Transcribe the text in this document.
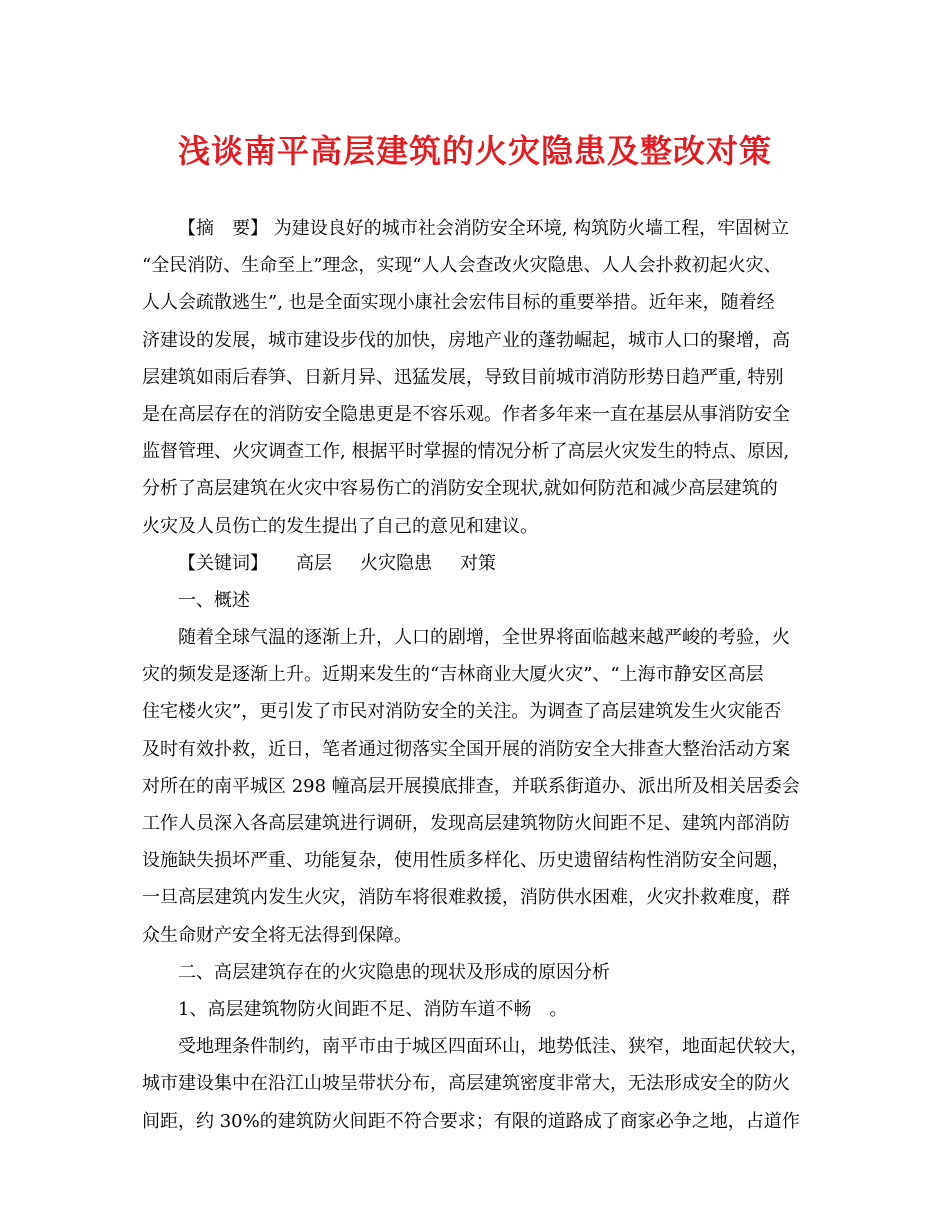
浅谈南平高层建筑的火灾隐患及整改对策
【摘　要】 为建设良好的城市社会消防安全环境, 构筑防火墙工程，牢固树立
“全民消防、生命至上”理念，实现“人人会查改火灾隐患、人人会扑救初起火灾、
人人会疏散逃生”, 也是全面实现小康社会宏伟目标的重要举措。近年来，随着经
济建设的发展，城市建设步伐的加快，房地产业的蓬勃崛起，城市人口的聚增，高
层建筑如雨后春笋、日新月异、迅猛发展，导致目前城市消防形势日趋严重, 特别
是在高层存在的消防安全隐患更是不容乐观。作者多年来一直在基层从事消防安全
监督管理、火灾调查工作, 根据平时掌握的情况分析了高层火灾发生的特点、原因,
分析了高层建筑在火灾中容易伤亡的消防安全现状,就如何防范和减少高层建筑的
火灾及人员伤亡的发生提出了自己的意见和建议。
【关键词】 高层 火灾隐患 对策
一、概述
随着全球气温的逐渐上升，人口的剧增，全世界将面临越来越严峻的考验，火
灾的频发是逐渐上升。近期来发生的“吉林商业大厦火灾”、“上海市静安区高层
住宅楼火灾”，更引发了市民对消防安全的关注。为调查了高层建筑发生火灾能否
及时有效扑救，近日，笔者通过彻落实全国开展的消防安全大排查大整治活动方案
对所在的南平城区 298 幢高层开展摸底排查，并联系街道办、派出所及相关居委会
工作人员深入各高层建筑进行调研，发现高层建筑物防火间距不足、建筑内部消防
设施缺失损坏严重、功能复杂，使用性质多样化、历史遗留结构性消防安全问题，
一旦高层建筑内发生火灾，消防车将很难救援，消防供水困难，火灾扑救难度，群
众生命财产安全将无法得到保障。
二、高层建筑存在的火灾隐患的现状及形成的原因分析
1、高层建筑物防火间距不足、消防车道不畅　。
受地理条件制约，南平市由于城区四面环山，地势低洼、狭窄，地面起伏较大，
城市建设集中在沿江山坡呈带状分布，高层建筑密度非常大，无法形成安全的防火
间距，约 30%的建筑防火间距不符合要求；有限的道路成了商家必争之地，占道作
